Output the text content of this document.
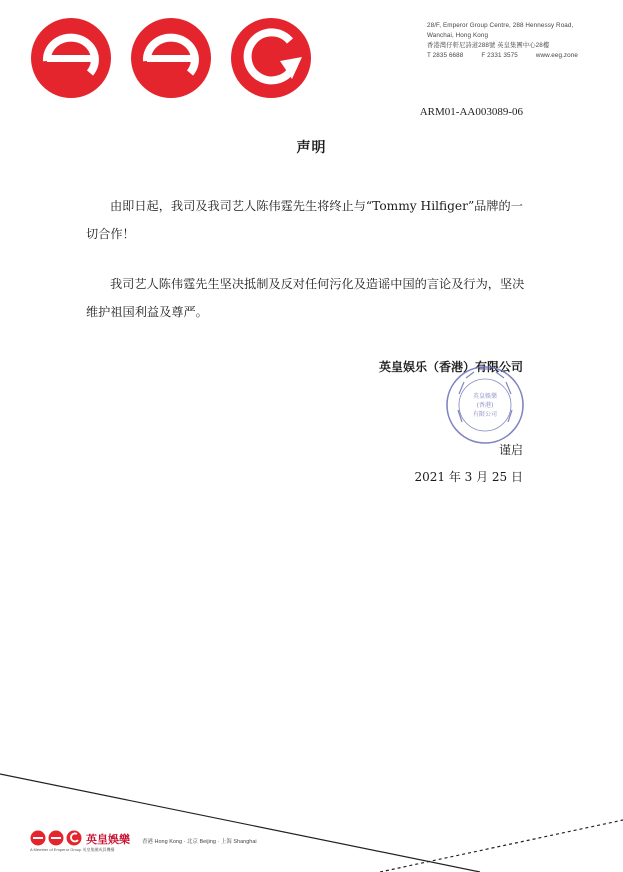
28/F, Emperor Group Centre, 288 Hennessy Road,
Wanchai, Hong Kong
香港灣仔軒尼詩道288號 英皇集團中心28樓
T 2835 6688	F 2331 3575	www.eeg.zone
ARM01-AA003089-06
声明

由即日起，我司及我司艺人陈伟霆先生将终止与“Tommy Hilfiger”品牌的一切合作！

我司艺人陈伟霆先生坚决抵制及反对任何污化及造谣中国的言论及行为，坚决维护祖国利益及尊严。

英皇娱乐（香港）有限公司
英皇娛樂
(香港)
有限公司
谨启
2021 年 3 月 25 日
英皇娛樂
A Member of Emperor Group 英皇集團成員機構
香港 Hong Kong · 北京 Beijing · 上海 Shanghai
